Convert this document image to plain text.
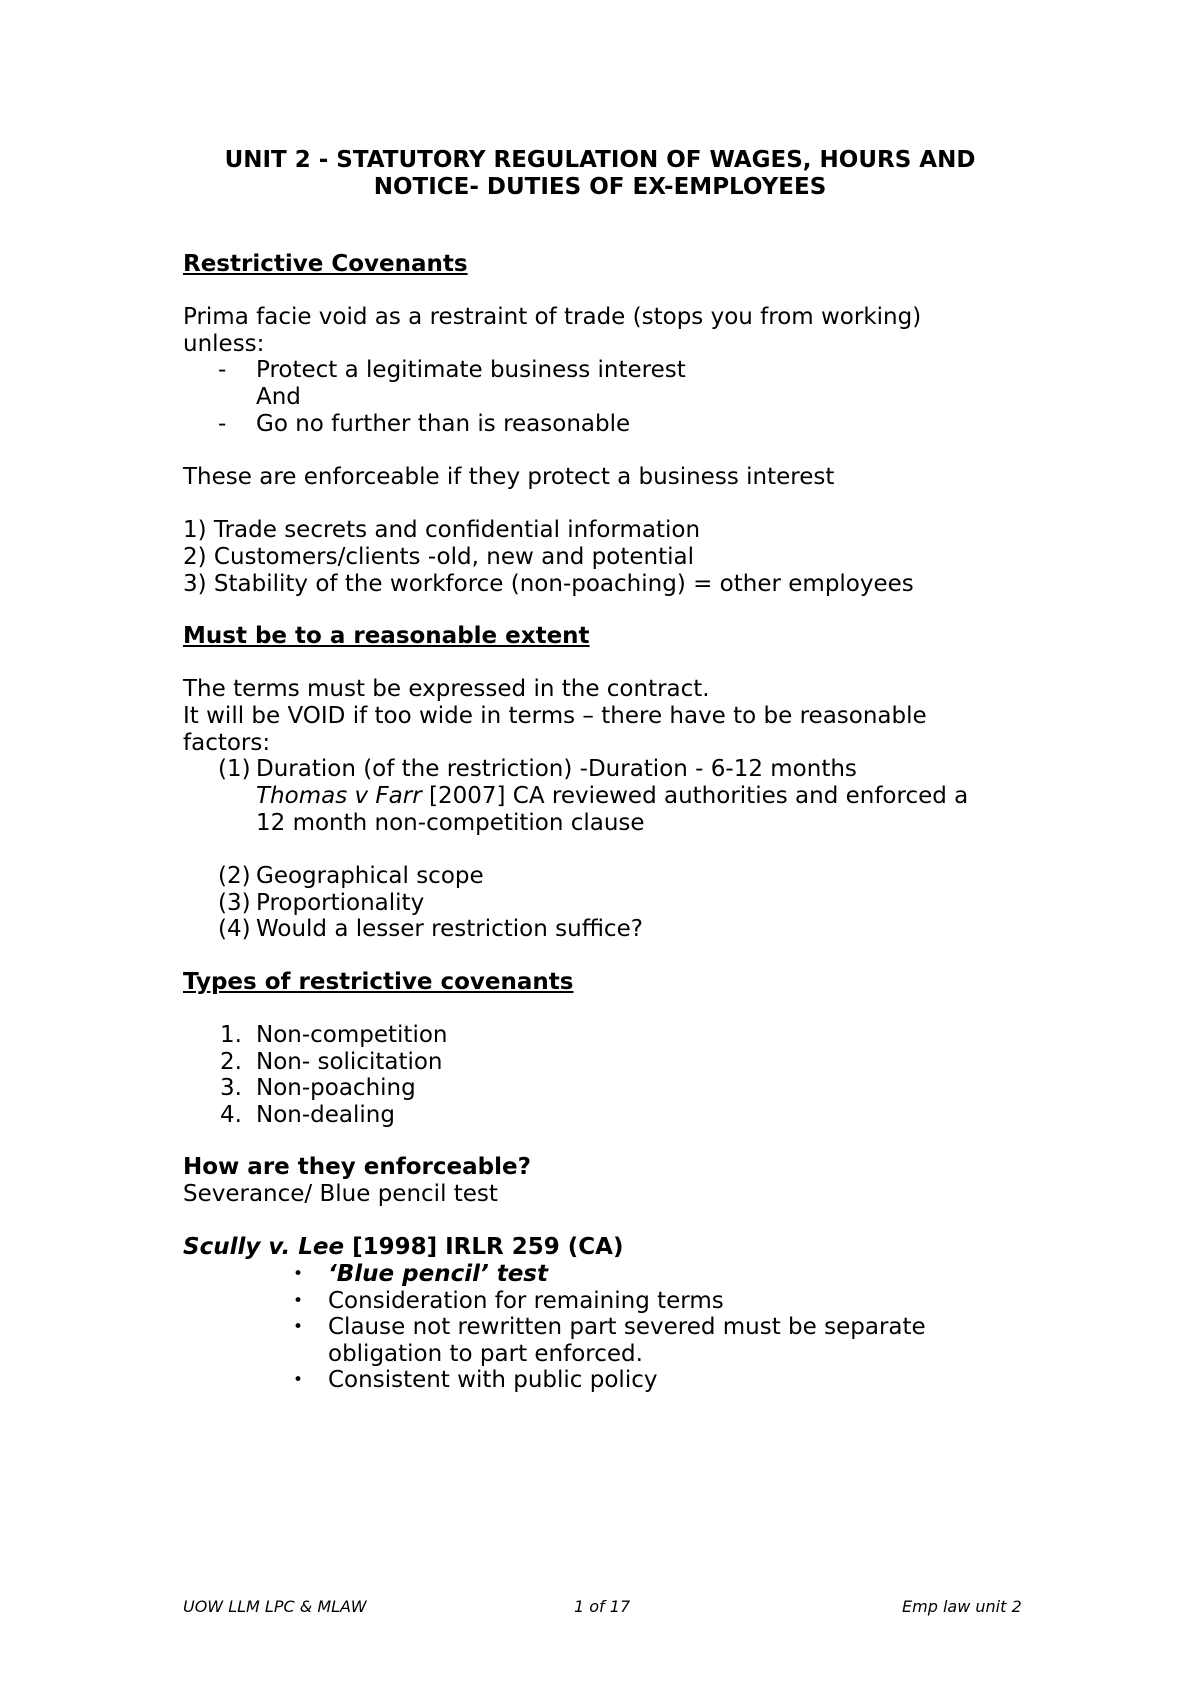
UNIT 2 - STATUTORY REGULATION OF WAGES, HOURS AND
NOTICE- DUTIES OF EX-EMPLOYEES
Restrictive Covenants
Prima facie void as a restraint of trade (stops you from working)
unless:
- Protect a legitimate business interest
And
- Go no further than is reasonable
These are enforceable if they protect a business interest
1) Trade secrets and confidential information
2) Customers/clients -old, new and potential
3) Stability of the workforce (non-poaching) = other employees
Must be to a reasonable extent
The terms must be expressed in the contract.
It will be VOID if too wide in terms – there have to be reasonable
factors:
(1) Duration (of the restriction) -Duration - 6-12 months
Thomas v Farr [2007] CA reviewed authorities and enforced a
12 month non-competition clause
(2) Geographical scope
(3) Proportionality
(4) Would a lesser restriction suffice?
Types of restrictive covenants
1. Non-competition
2. Non- solicitation
3. Non-poaching
4. Non-dealing
How are they enforceable?
Severance/ Blue pencil test
Scully v. Lee [1998] IRLR 259 (CA)
• ‘Blue pencil’ test
• Consideration for remaining terms
• Clause not rewritten part severed must be separate
obligation to part enforced.
• Consistent with public policy
UOW LLM LPC & MLAW	1 of 17	Emp law unit 2
